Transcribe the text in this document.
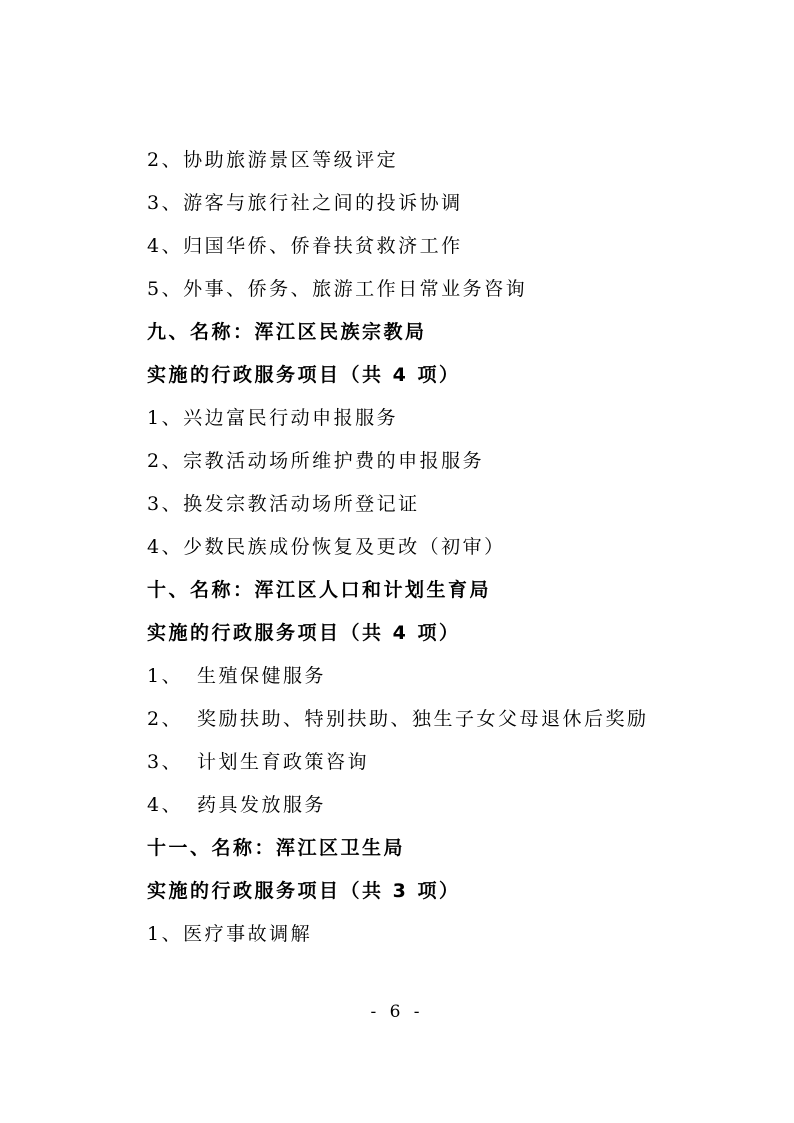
2、协助旅游景区等级评定
3、游客与旅行社之间的投诉协调
4、归国华侨、侨眷扶贫救济工作
5、外事、侨务、旅游工作日常业务咨询
九、名称：浑江区民族宗教局
实施的行政服务项目（共 4 项）
1、兴边富民行动申报服务
2、宗教活动场所维护费的申报服务
3、换发宗教活动场所登记证
4、少数民族成份恢复及更改（初审）
十、名称：浑江区人口和计划生育局
实施的行政服务项目（共 4 项）
1、 生殖保健服务
2、 奖励扶助、特别扶助、独生子女父母退休后奖励
3、 计划生育政策咨询
4、 药具发放服务
十一、名称：浑江区卫生局
实施的行政服务项目（共 3 项）
1、医疗事故调解
- 6 -
